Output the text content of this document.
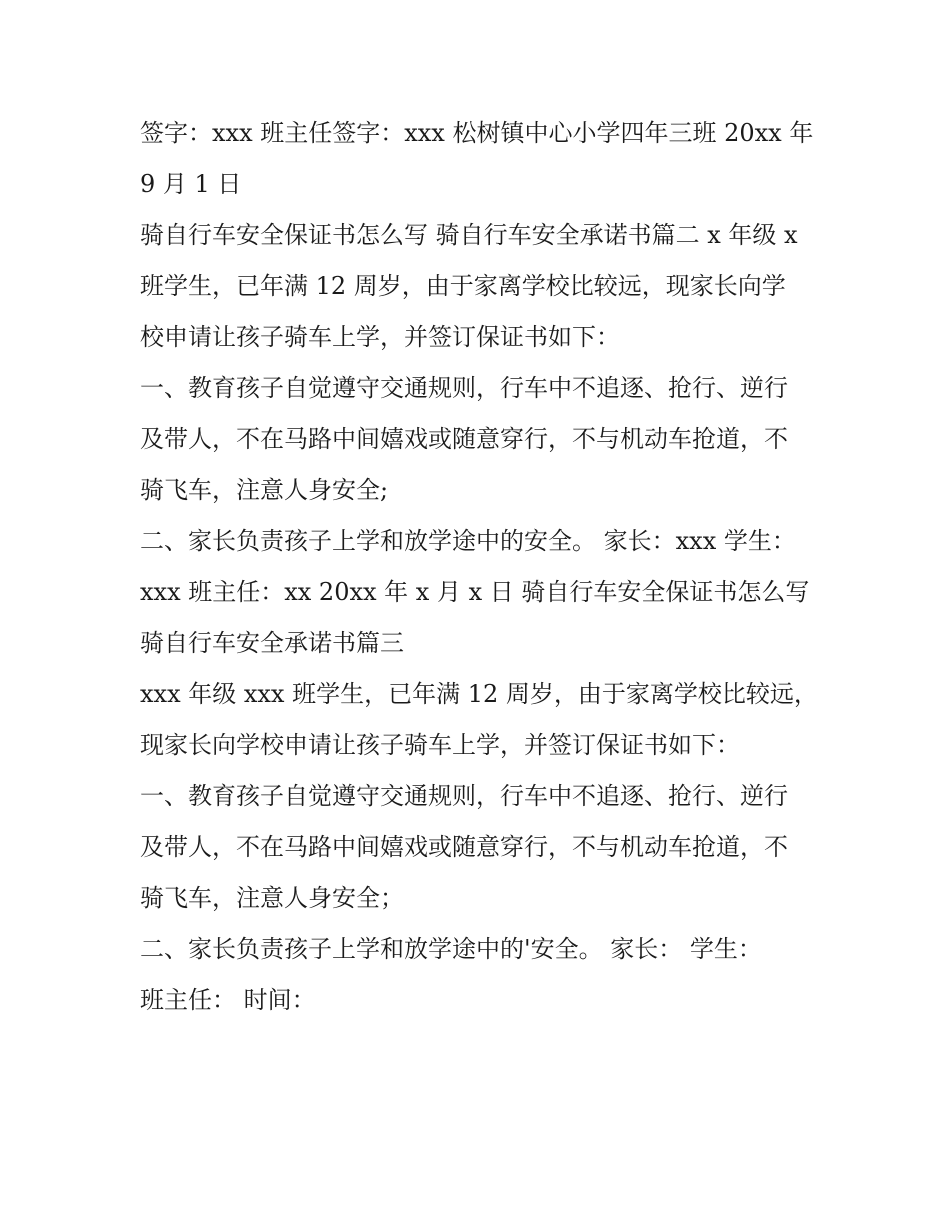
签字：xxx 班主任签字：xxx 松树镇中心小学四年三班 20xx 年
9 月 1 日
骑自行车安全保证书怎么写 骑自行车安全承诺书篇二 x 年级 x
班学生，已年满 12 周岁，由于家离学校比较远，现家长向学
校申请让孩子骑车上学，并签订保证书如下：
一、教育孩子自觉遵守交通规则，行车中不追逐、抢行、逆行
及带人，不在马路中间嬉戏或随意穿行，不与机动车抢道，不
骑飞车，注意人身安全;
二、家长负责孩子上学和放学途中的安全。 家长：xxx 学生：
xxx 班主任：xx 20xx 年 x 月 x 日 骑自行车安全保证书怎么写
骑自行车安全承诺书篇三
xxx 年级 xxx 班学生，已年满 12 周岁，由于家离学校比较远，
现家长向学校申请让孩子骑车上学，并签订保证书如下：
一、教育孩子自觉遵守交通规则，行车中不追逐、抢行、逆行
及带人，不在马路中间嬉戏或随意穿行，不与机动车抢道，不
骑飞车，注意人身安全；
二、家长负责孩子上学和放学途中的'安全。 家长： 学生：
班主任： 时间：
